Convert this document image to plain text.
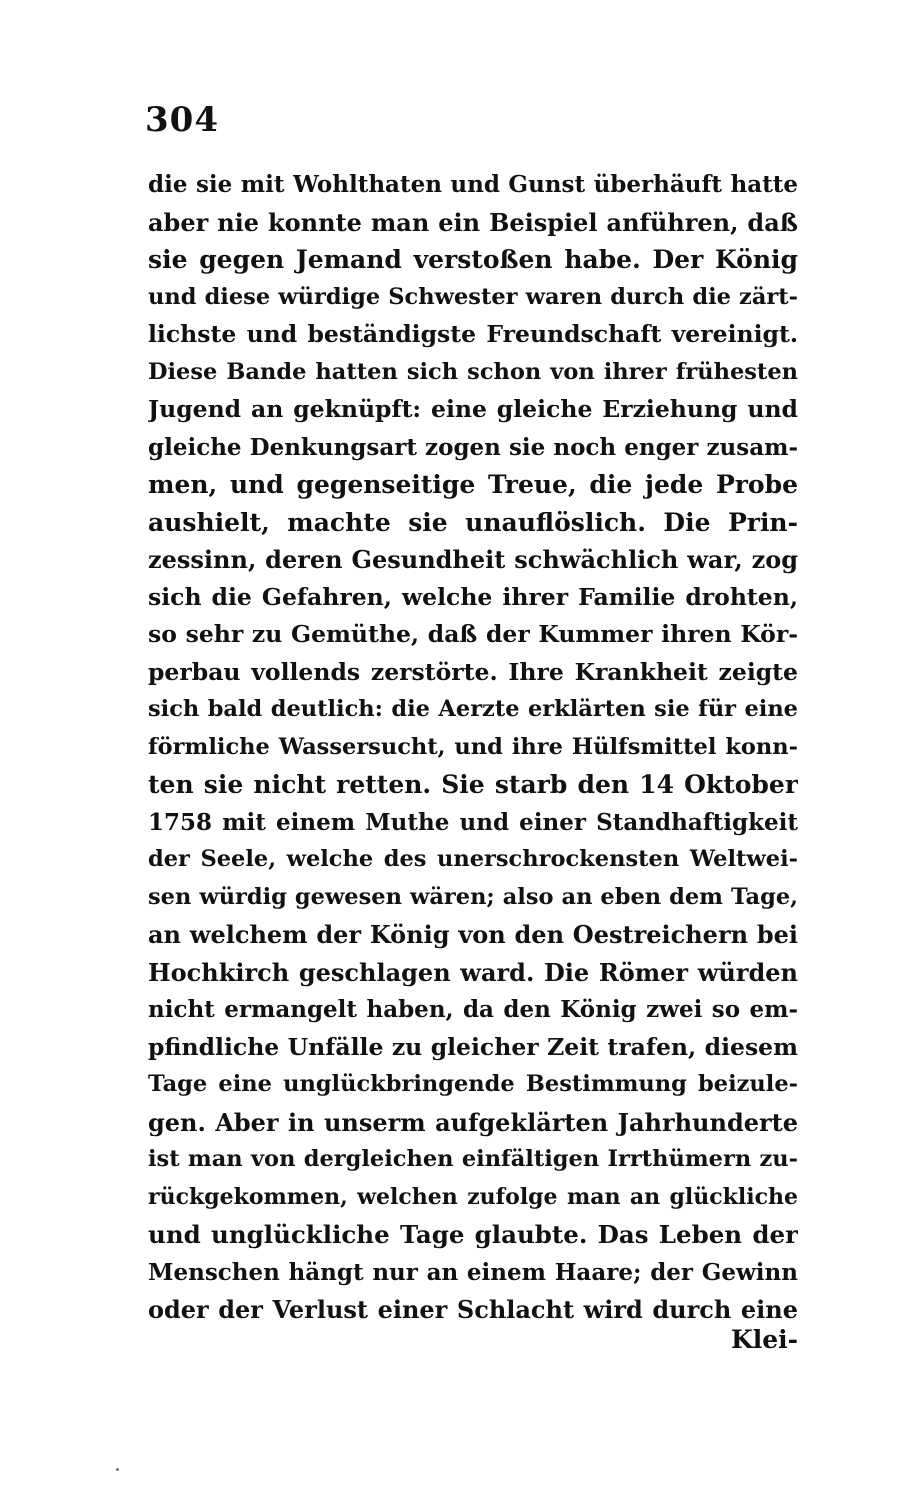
304
die sie mit Wohlthaten und Gunst überhäuft hatte
aber nie konnte man ein Beispiel anführen, daß
sie gegen Jemand verstoßen habe. Der König
und diese würdige Schwester waren durch die zärt-
lichste und beständigste Freundschaft vereinigt.
Diese Bande hatten sich schon von ihrer frühesten
Jugend an geknüpft: eine gleiche Erziehung und
gleiche Denkungsart zogen sie noch enger zusam-
men, und gegenseitige Treue, die jede Probe
aushielt, machte sie unauflöslich. Die Prin-
zessinn, deren Gesundheit schwächlich war, zog
sich die Gefahren, welche ihrer Familie drohten,
so sehr zu Gemüthe, daß der Kummer ihren Kör-
perbau vollends zerstörte. Ihre Krankheit zeigte
sich bald deutlich: die Aerzte erklärten sie für eine
förmliche Wassersucht, und ihre Hülfsmittel konn-
ten sie nicht retten. Sie starb den 14 Oktober
1758 mit einem Muthe und einer Standhaftigkeit
der Seele, welche des unerschrockensten Weltwei-
sen würdig gewesen wären; also an eben dem Tage,
an welchem der König von den Oestreichern bei
Hochkirch geschlagen ward. Die Römer würden
nicht ermangelt haben, da den König zwei so em-
pfindliche Unfälle zu gleicher Zeit trafen, diesem
Tage eine unglückbringende Bestimmung beizule-
gen. Aber in unserm aufgeklärten Jahrhunderte
ist man von dergleichen einfältigen Irrthümern zu-
rückgekommen, welchen zufolge man an glückliche
und unglückliche Tage glaubte. Das Leben der
Menschen hängt nur an einem Haare; der Gewinn
oder der Verlust einer Schlacht wird durch eine
Klei-
